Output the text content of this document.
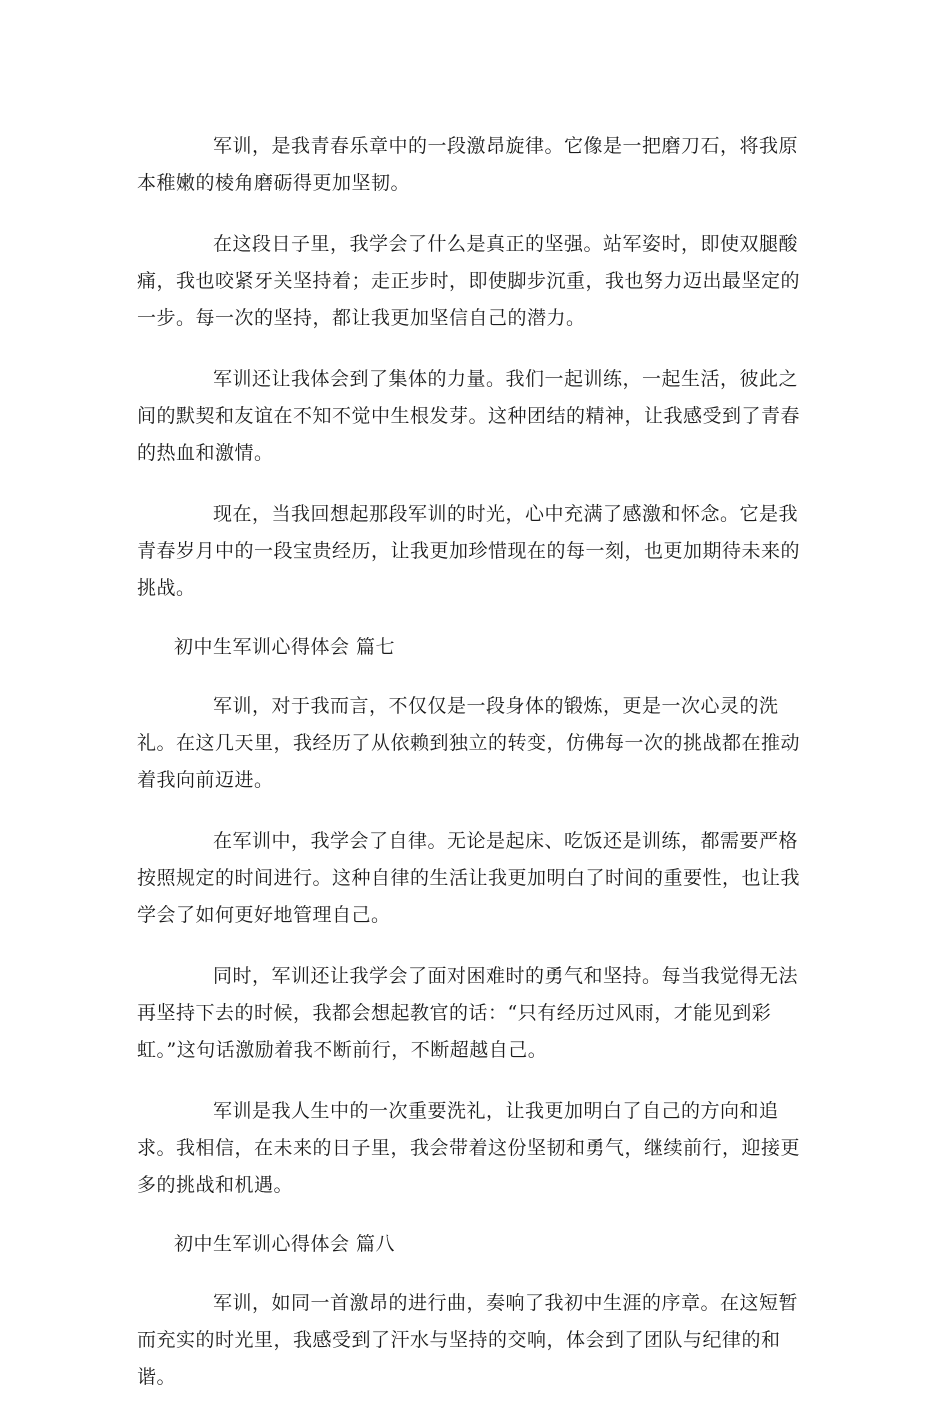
军训，是我青春乐章中的一段激昂旋律。它像是一把磨刀石，将我原本稚嫩的棱角磨砺得更加坚韧。

在这段日子里，我学会了什么是真正的坚强。站军姿时，即使双腿酸痛，我也咬紧牙关坚持着；走正步时，即使脚步沉重，我也努力迈出最坚定的一步。每一次的坚持，都让我更加坚信自己的潜力。

军训还让我体会到了集体的力量。我们一起训练，一起生活，彼此之间的默契和友谊在不知不觉中生根发芽。这种团结的精神，让我感受到了青春的热血和激情。

现在，当我回想起那段军训的时光，心中充满了感激和怀念。它是我青春岁月中的一段宝贵经历，让我更加珍惜现在的每一刻，也更加期待未来的挑战。

初中生军训心得体会 篇七

军训，对于我而言，不仅仅是一段身体的锻炼，更是一次心灵的洗礼。在这几天里，我经历了从依赖到独立的转变，仿佛每一次的挑战都在推动着我向前迈进。

在军训中，我学会了自律。无论是起床、吃饭还是训练，都需要严格按照规定的时间进行。这种自律的生活让我更加明白了时间的重要性，也让我学会了如何更好地管理自己。

同时，军训还让我学会了面对困难时的勇气和坚持。每当我觉得无法再坚持下去的时候，我都会想起教官的话：“只有经历过风雨，才能见到彩虹。”这句话激励着我不断前行，不断超越自己。

军训是我人生中的一次重要洗礼，让我更加明白了自己的方向和追求。我相信，在未来的日子里，我会带着这份坚韧和勇气，继续前行，迎接更多的挑战和机遇。

初中生军训心得体会 篇八

军训，如同一首激昂的进行曲，奏响了我初中生涯的序章。在这短暂而充实的时光里，我感受到了汗水与坚持的交响，体会到了团队与纪律的和谐。
